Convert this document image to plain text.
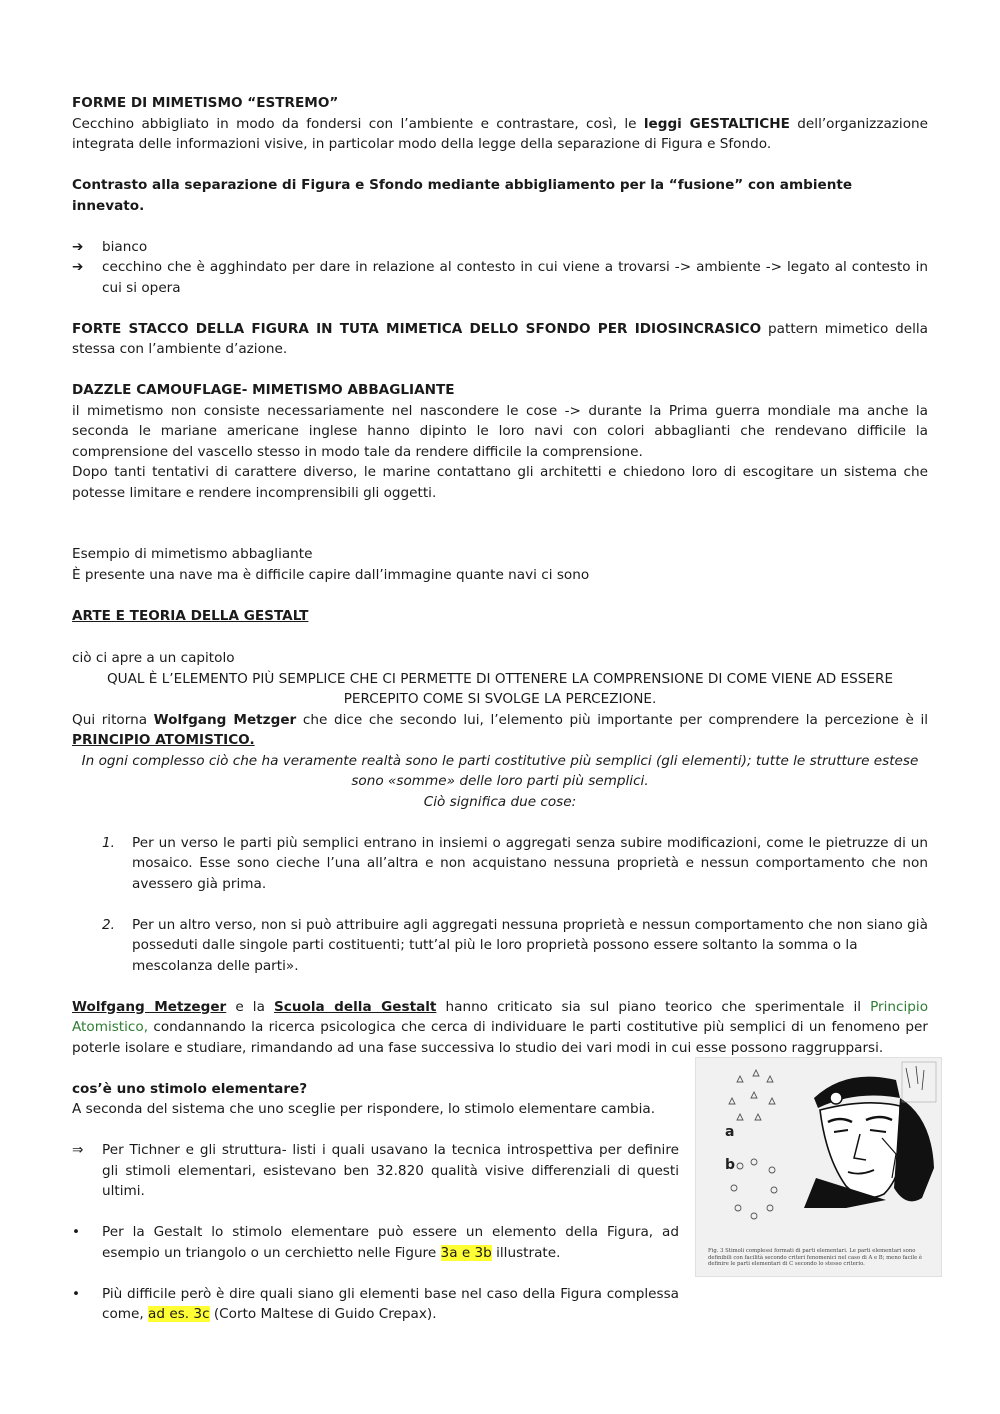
FORME DI MIMETISMO “ESTREMO”

Cecchino abbigliato in modo da fondersi con l’ambiente e contrastare, così, le leggi GESTALTICHE dell’organizzazione integrata delle informazioni visive, in particolar modo della legge della separazione di Figura e Sfondo.

Contrasto alla separazione di Figura e Sfondo mediante abbigliamento per la “fusione” con ambiente innevato.

➔	bianco
➔	cecchino che è agghindato per dare in relazione al contesto in cui viene a trovarsi -> ambiente -> legato al contesto in cui si opera

FORTE STACCO DELLA FIGURA IN TUTA MIMETICA DELLO SFONDO PER IDIOSINCRASICO pattern mimetico della stessa con l’ambiente d’azione.

DAZZLE CAMOUFLAGE- MIMETISMO ABBAGLIANTE

il mimetismo non consiste necessariamente nel nascondere le cose -> durante la Prima guerra mondiale ma anche la seconda le mariane americane inglese hanno dipinto le loro navi con colori abbaglianti che rendevano difficile la comprensione del vascello stesso in modo tale da rendere difficile la comprensione.

Dopo tanti tentativi di carattere diverso, le marine contattano gli architetti e chiedono loro di escogitare un sistema che potesse limitare e rendere incomprensibili gli oggetti.

Esempio di mimetismo abbagliante

È presente una nave ma è difficile capire dall’immagine quante navi ci sono

ARTE E TEORIA DELLA GESTALT

ciò ci apre a un capitolo

QUAL È L’ELEMENTO PIÙ SEMPLICE CHE CI PERMETTE DI OTTENERE LA COMPRENSIONE DI COME VIENE AD ESSERE PERCEPITO COME SI SVOLGE LA PERCEZIONE.

Qui ritorna Wolfgang Metzger che dice che secondo lui, l’elemento più importante per comprendere la percezione è il PRINCIPIO ATOMISTICO.

In ogni complesso ciò che ha veramente realtà sono le parti costitutive più semplici (gli elementi); tutte le strutture estese sono «somme» delle loro parti più semplici.

Ciò significa due cose:

1.	Per un verso le parti più semplici entrano in insiemi o aggregati senza subire modificazioni, come le pietruzze di un mosaico. Esse sono cieche l’una all’altra e non acquistano nessuna proprietà e nessun comportamento che non avessero già prima.
2.	Per un altro verso, non si può attribuire agli aggregati nessuna proprietà e nessun comportamento che non siano già posseduti dalle singole parti costituenti; tutt’al più le loro proprietà possono essere soltanto la somma o la mescolanza delle parti».

Wolfgang Metzeger e la Scuola della Gestalt hanno criticato sia sul piano teorico che sperimentale il Principio Atomistico, condannando la ricerca psicologica che cerca di individuare le parti costitutive più semplici di un fenomeno per poterle isolare e studiare, rimandando ad una fase successiva lo studio dei vari modi in cui esse possono raggrupparsi.

cos’è uno stimolo elementare?

A seconda del sistema che uno sceglie per rispondere, lo stimolo elementare cambia.

⇒	Per Tichner e gli struttura- listi i quali usavano la tecnica introspettiva per definire gli stimoli elementari, esistevano ben 32.820 qualità visive differenziali di questi ultimi.
•	Per la Gestalt lo stimolo elementare può essere un elemento della Figura, ad esempio un triangolo o un cerchietto nelle Figure 3a e 3b illustrate.
•	Più difficile però è dire quali siano gli elementi base nel caso della Figura complessa come, ad es. 3c (Corto Maltese di Guido Crepax).
a
b
Fig. 3 Stimoli complessi formati di parti elementari. Le parti elementari sono definibili con facilità secondo criteri fenomenici nel caso di A e B; meno facile è definire le parti elementari di C secondo lo stesso criterio.
